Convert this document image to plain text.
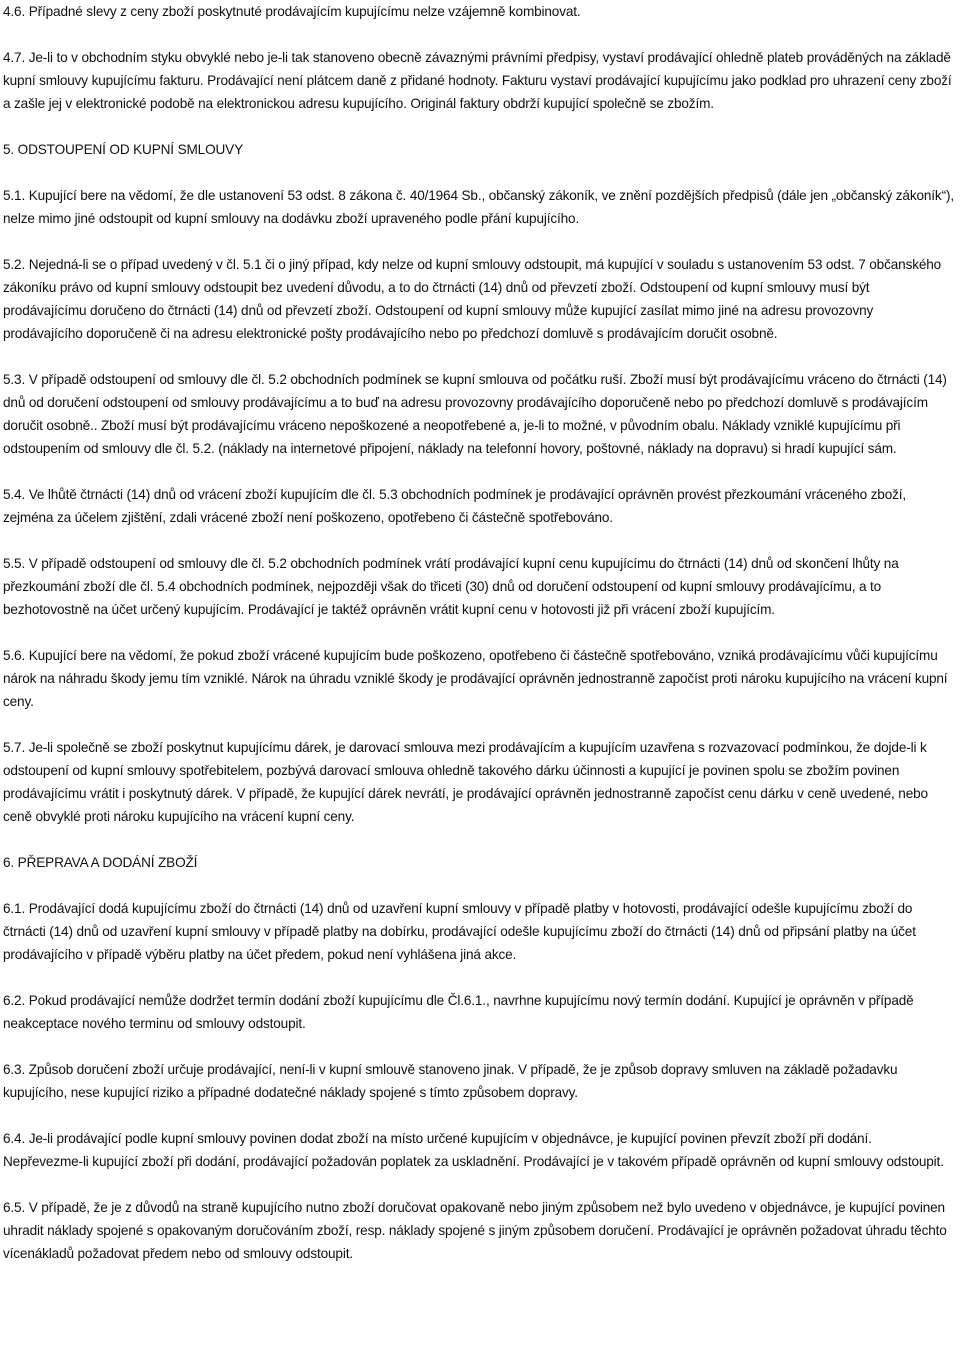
4.6. Případné slevy z ceny zboží poskytnuté prodávajícím kupujícímu nelze vzájemně kombinovat.

4.7. Je-li to v obchodním styku obvyklé nebo je-li tak stanoveno obecně závaznými právními předpisy, vystaví prodávající ohledně plateb prováděných na základě kupní smlouvy kupujícímu fakturu. Prodávající není plátcem daně z přidané hodnoty. Fakturu vystaví prodávající kupujícímu jako podklad pro uhrazení ceny zboží a zašle jej v elektronické podobě na elektronickou adresu kupujícího. Originál faktury obdrží kupující společně se zbožím.

5. ODSTOUPENÍ OD KUPNÍ SMLOUVY

5.1. Kupující bere na vědomí, že dle ustanovení 53 odst. 8 zákona č. 40/1964 Sb., občanský zákoník, ve znění pozdějších předpisů (dále jen „občanský zákoník“), nelze mimo jiné odstoupit od kupní smlouvy na dodávku zboží upraveného podle přání kupujícího.

5.2. Nejedná-li se o případ uvedený v čl. 5.1 či o jiný případ, kdy nelze od kupní smlouvy odstoupit, má kupující v souladu s ustanovením 53 odst. 7 občanského zákoníku právo od kupní smlouvy odstoupit bez uvedení důvodu, a to do čtrnácti (14) dnů od převzetí zboží. Odstoupení od kupní smlouvy musí být prodávajícímu doručeno do čtrnácti (14) dnů od převzetí zboží. Odstoupení od kupní smlouvy může kupující zasílat mimo jiné na adresu provozovny prodávajícího doporučeně či na adresu elektronické pošty prodávajícího nebo po předchozí domluvě s prodávajícím doručit osobně.

5.3. V případě odstoupení od smlouvy dle čl. 5.2 obchodních podmínek se kupní smlouva od počátku ruší. Zboží musí být prodávajícímu vráceno do čtrnácti (14) dnů od doručení odstoupení od smlouvy prodávajícímu a to buď na adresu provozovny prodávajícího doporučeně nebo po předchozí domluvě s prodávajícím doručit osobně.. Zboží musí být prodávajícímu vráceno nepoškozené a neopotřebené a, je-li to možné, v původním obalu. Náklady vzniklé kupujícímu při odstoupením od smlouvy dle čl. 5.2. (náklady na internetové připojení, náklady na telefonní hovory, poštovné, náklady na dopravu) si hradí kupující sám.

5.4. Ve lhůtě čtrnácti (14) dnů od vrácení zboží kupujícím dle čl. 5.3 obchodních podmínek je prodávající oprávněn provést přezkoumání vráceného zboží, zejména za účelem zjištění, zdali vrácené zboží není poškozeno, opotřebeno či částečně spotřebováno.

5.5. V případě odstoupení od smlouvy dle čl. 5.2 obchodních podmínek vrátí prodávající kupní cenu kupujícímu do čtrnácti (14) dnů od skončení lhůty na přezkoumání zboží dle čl. 5.4 obchodních podmínek, nejpozději však do třiceti (30) dnů od doručení odstoupení od kupní smlouvy prodávajícímu, a to bezhotovostně na účet určený kupujícím. Prodávající je taktéž oprávněn vrátit kupní cenu v hotovosti již při vrácení zboží kupujícím.

5.6. Kupující bere na vědomí, že pokud zboží vrácené kupujícím bude poškozeno, opotřebeno či částečně spotřebováno, vzniká prodávajícímu vůči kupujícímu nárok na náhradu škody jemu tím vzniklé. Nárok na úhradu vzniklé škody je prodávající oprávněn jednostranně započíst proti nároku kupujícího na vrácení kupní ceny.

5.7. Je-li společně se zboží poskytnut kupujícímu dárek, je darovací smlouva mezi prodávajícím a kupujícím uzavřena s rozvazovací podmínkou, že dojde-li k odstoupení od kupní smlouvy spotřebitelem, pozbývá darovací smlouva ohledně takového dárku účinnosti a kupující je povinen spolu se zbožím povinen prodávajícímu vrátit i poskytnutý dárek. V případě, že kupující dárek nevrátí, je prodávající oprávněn jednostranně započíst cenu dárku v ceně uvedené, nebo ceně obvyklé proti nároku kupujícího na vrácení kupní ceny.

6. PŘEPRAVA A DODÁNÍ ZBOŽÍ

6.1. Prodávající dodá kupujícímu zboží do čtrnácti (14) dnů od uzavření kupní smlouvy v případě platby v hotovosti, prodávající odešle kupujícímu zboží do čtrnácti (14) dnů od uzavření kupní smlouvy v případě platby na dobírku, prodávající odešle kupujícímu zboží do čtrnácti (14) dnů od připsání platby na účet prodávajícího v případě výběru platby na účet předem, pokud není vyhlášena jiná akce.

6.2. Pokud prodávající nemůže dodržet termín dodání zboží kupujícímu dle Čl.6.1., navrhne kupujícímu nový termín dodání. Kupující je oprávněn v případě neakceptace nového terminu od smlouvy odstoupit.

6.3. Způsob doručení zboží určuje prodávající, není-li v kupní smlouvě stanoveno jinak. V případě, že je způsob dopravy smluven na základě požadavku kupujícího, nese kupující riziko a případné dodatečné náklady spojené s tímto způsobem dopravy.

6.4. Je-li prodávající podle kupní smlouvy povinen dodat zboží na místo určené kupujícím v objednávce, je kupující povinen převzít zboží při dodání. Nepřevezme-li kupující zboží při dodání, prodávající požadován poplatek za uskladnění. Prodávající je v takovém případě oprávněn od kupní smlouvy odstoupit.

6.5. V případě, že je z důvodů na straně kupujícího nutno zboží doručovat opakovaně nebo jiným způsobem než bylo uvedeno v objednávce, je kupující povinen uhradit náklady spojené s opakovaným doručováním zboží, resp. náklady spojené s jiným způsobem doručení. Prodávající je oprávněn požadovat úhradu těchto vícenákladů požadovat předem nebo od smlouvy odstoupit.
